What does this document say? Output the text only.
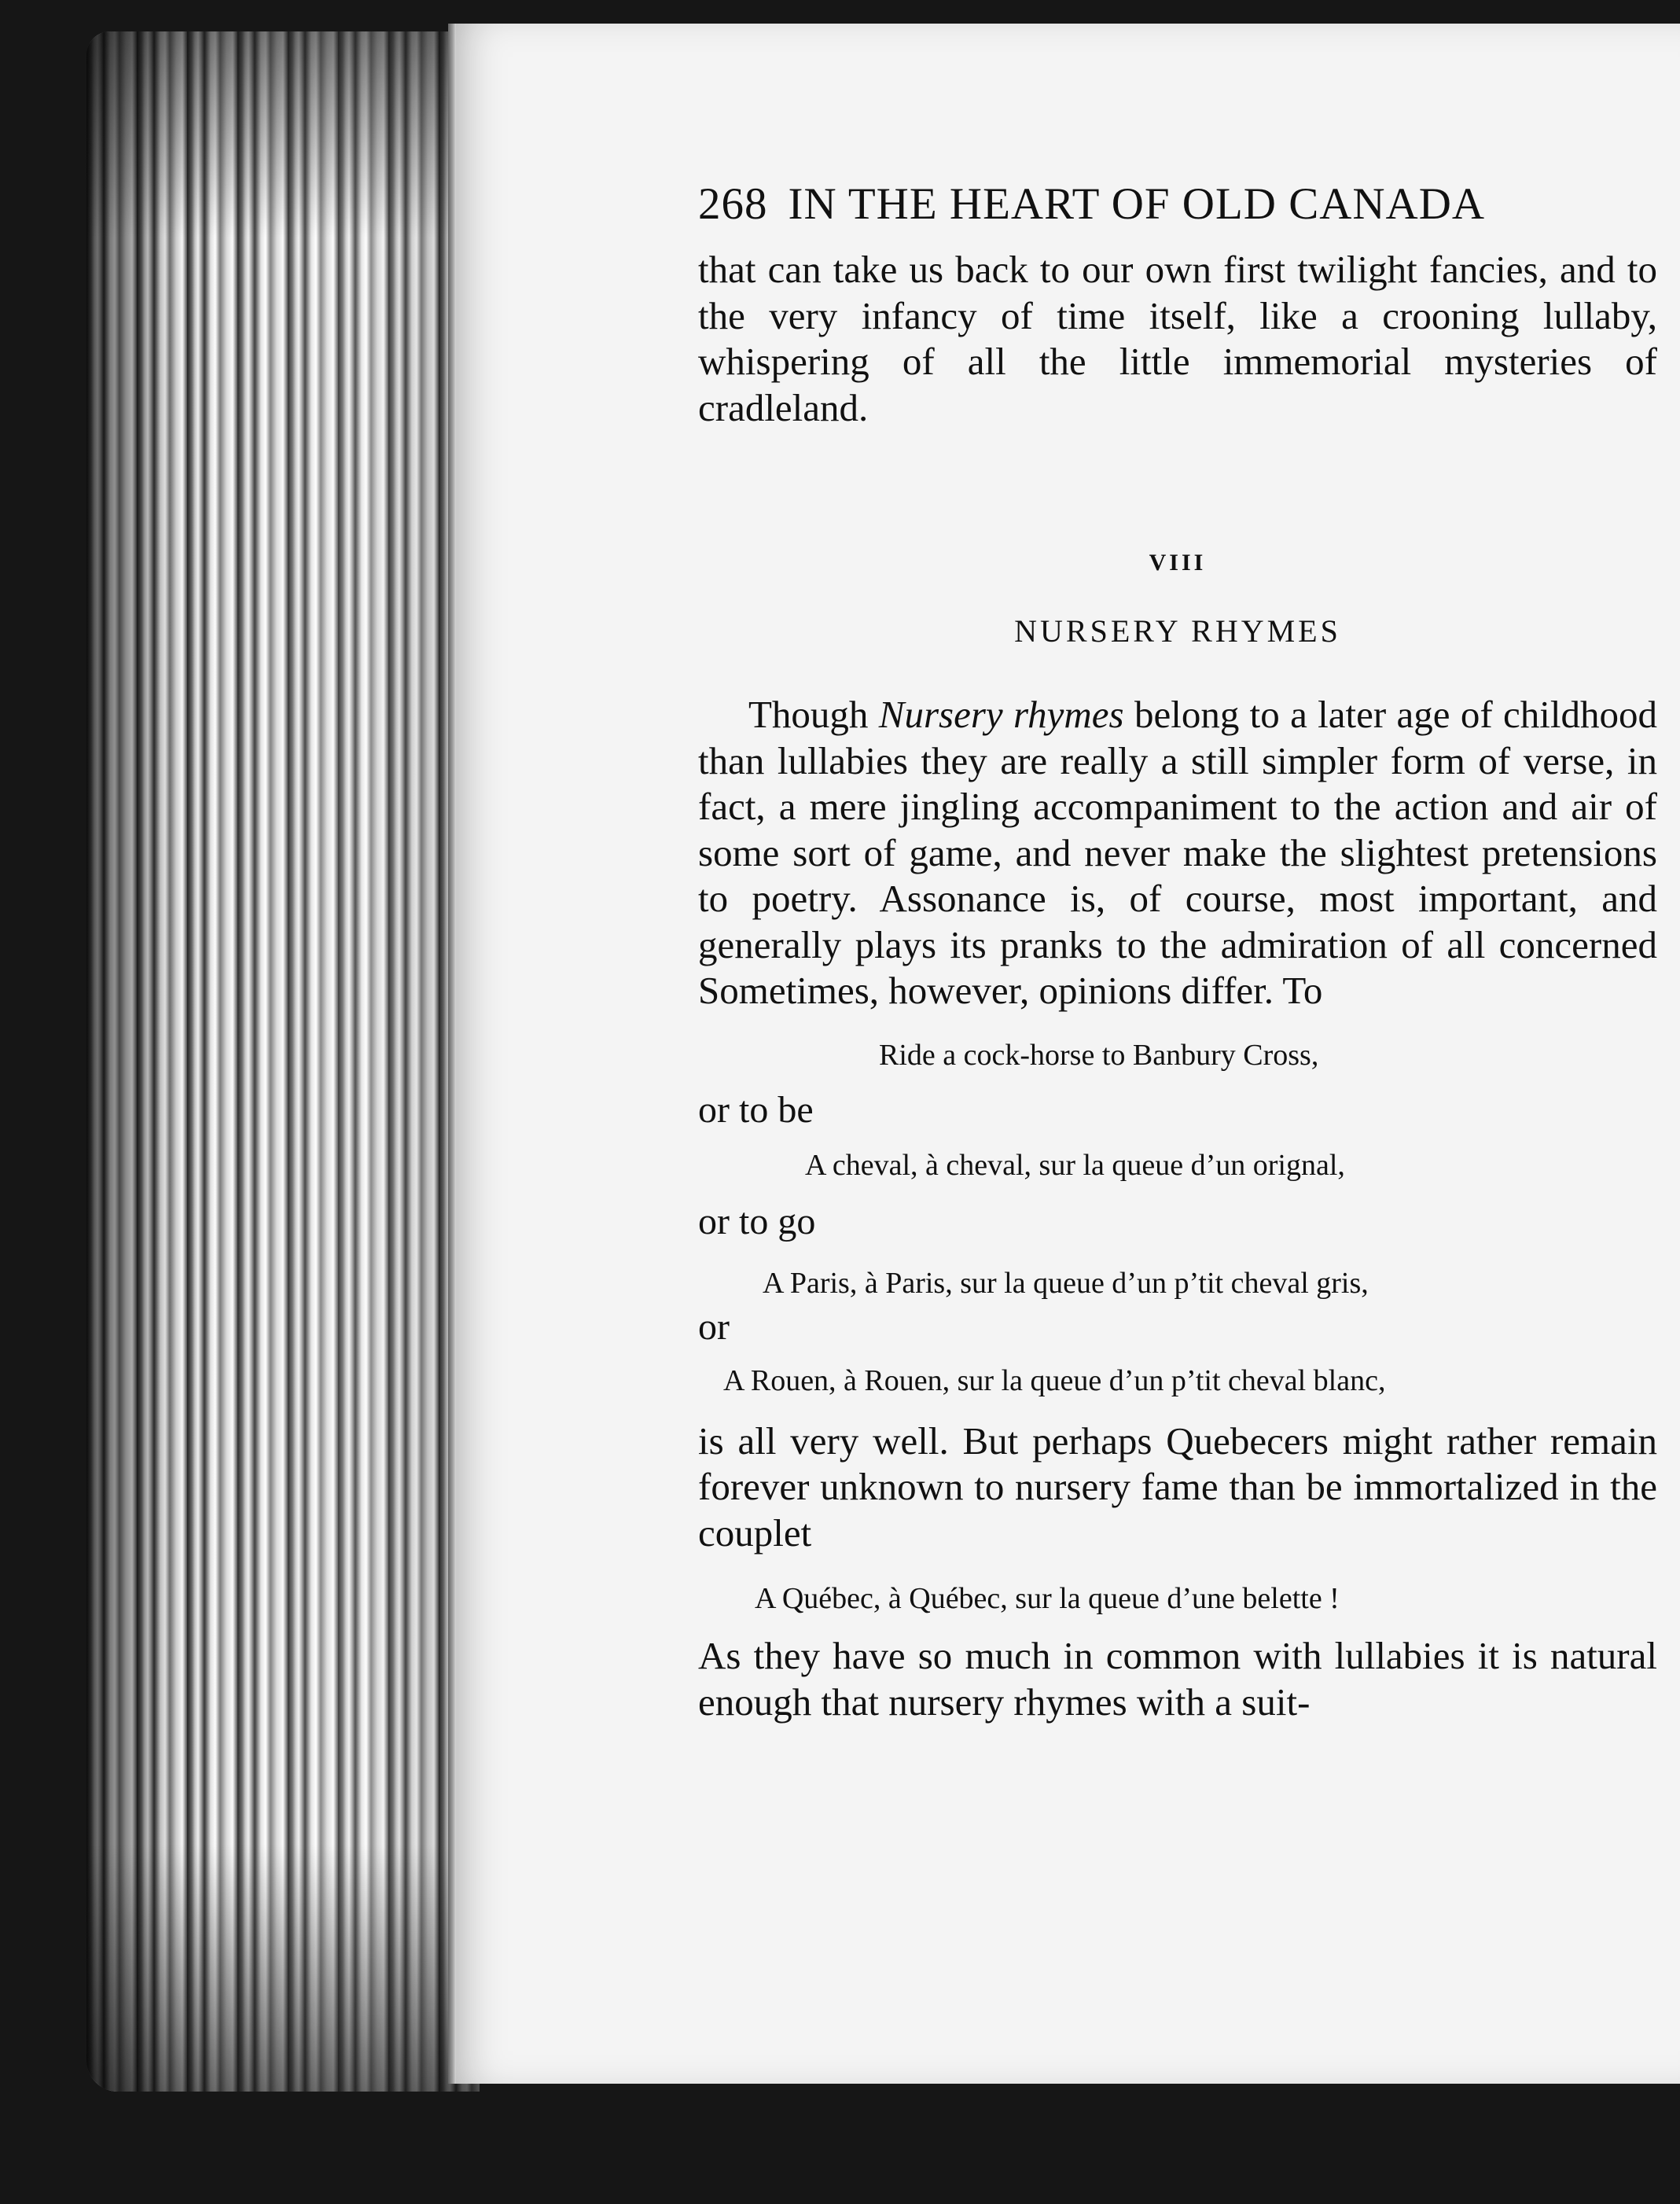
268 IN THE HEART OF OLD CANADA

that can take us back to our own first twilight fancies, and to the very infancy of time itself, like a crooning lullaby, whispering of all the little immemorial mysteries of cradleland.

VIII
NURSERY RHYMES

Though Nursery rhymes belong to a later age of childhood than lullabies they are really a still simpler form of verse, in fact, a mere jingling accompaniment to the action and air of some sort of game, and never make the slightest pretensions to poetry. Assonance is, of course, most important, and generally plays its pranks to the admiration of all concerned Sometimes, however, opinions differ. To

Ride a cock-horse to Banbury Cross,

or to be

A cheval, à cheval, sur la queue d’un orignal,

or to go

A Paris, à Paris, sur la queue d’un p’tit cheval gris,

or

A Rouen, à Rouen, sur la queue d’un p’tit cheval blanc,

is all very well. But perhaps Quebecers might rather remain forever unknown to nursery fame than be immortalized in the couplet

A Québec, à Québec, sur la queue d’une belette !

As they have so much in common with lullabies it is natural enough that nursery rhymes with a suit-
